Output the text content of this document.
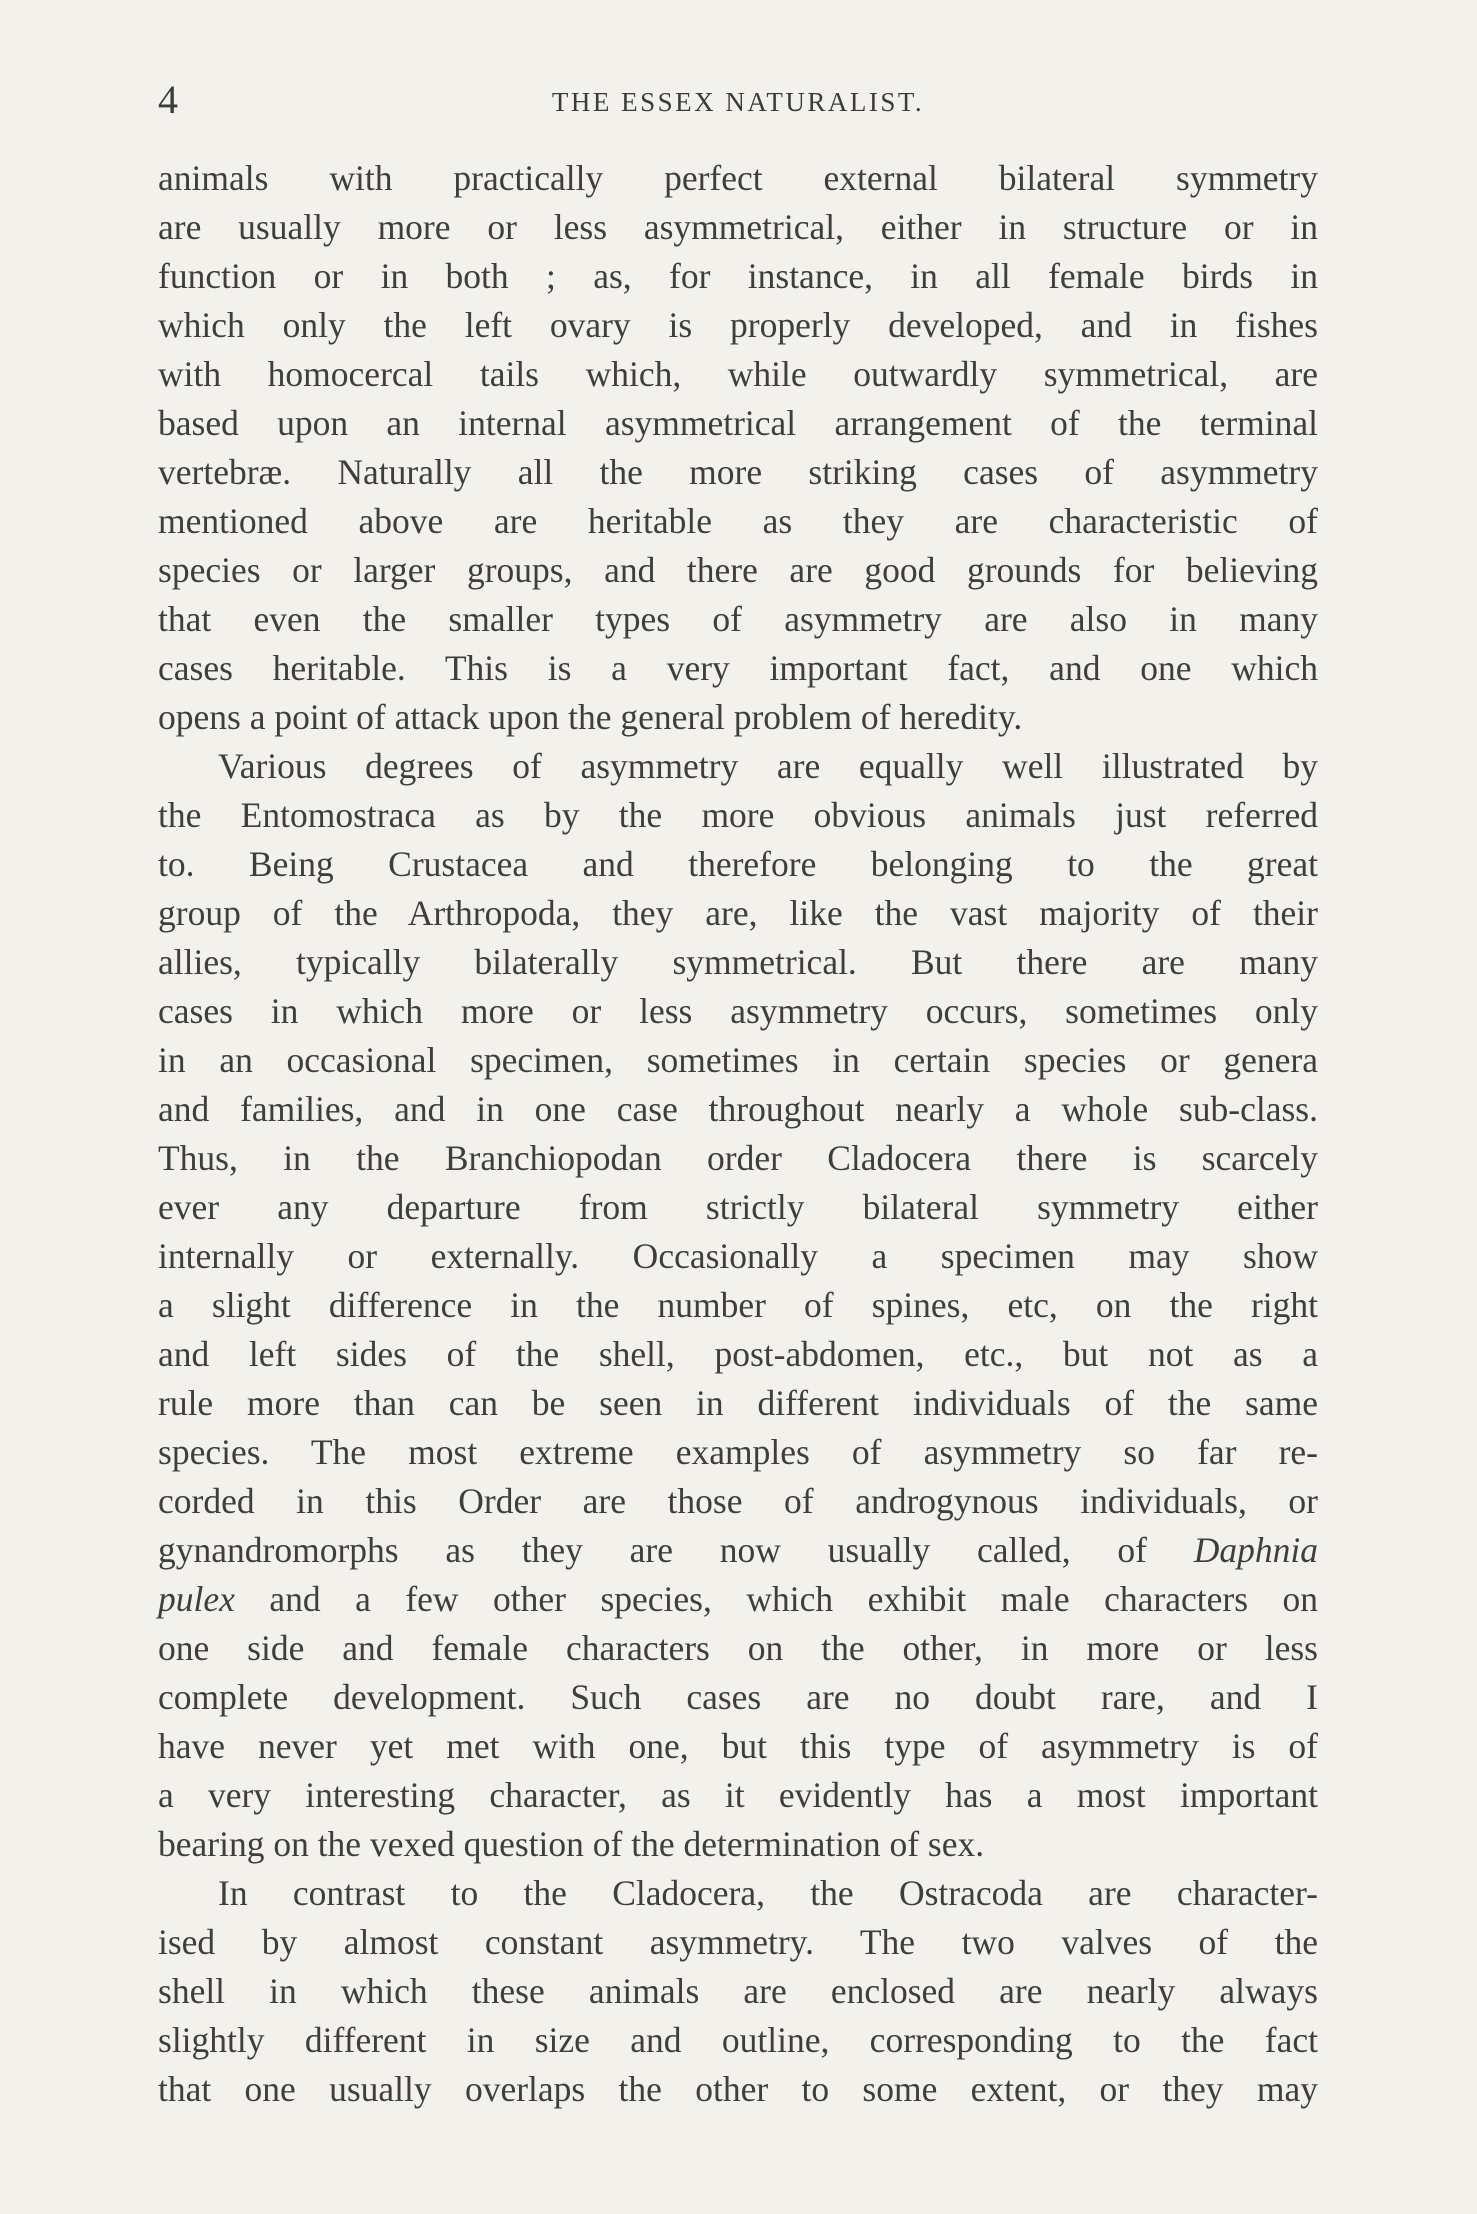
4	THE ESSEX NATURALIST.
animals with practically perfect external bilateral symmetry
are usually more or less asymmetrical, either in structure or in
function or in both ; as, for instance, in all female birds in
which only the left ovary is properly developed, and in fishes
with homocercal tails which, while outwardly symmetrical, are
based upon an internal asymmetrical arrangement of the terminal
vertebræ. Naturally all the more striking cases of asymmetry
mentioned above are heritable as they are characteristic of
species or larger groups, and there are good grounds for believing
that even the smaller types of asymmetry are also in many
cases heritable. This is a very important fact, and one which
opens a point of attack upon the general problem of heredity.
Various degrees of asymmetry are equally well illustrated by
the Entomostraca as by the more obvious animals just referred
to. Being Crustacea and therefore belonging to the great
group of the Arthropoda, they are, like the vast majority of their
allies, typically bilaterally symmetrical. But there are many
cases in which more or less asymmetry occurs, sometimes only
in an occasional specimen, sometimes in certain species or genera
and families, and in one case throughout nearly a whole sub-class.
Thus, in the Branchiopodan order Cladocera there is scarcely
ever any departure from strictly bilateral symmetry either
internally or externally. Occasionally a specimen may show
a slight difference in the number of spines, etc, on the right
and left sides of the shell, post-abdomen, etc., but not as a
rule more than can be seen in different individuals of the same
species. The most extreme examples of asymmetry so far re-
corded in this Order are those of androgynous individuals, or
gynandromorphs as they are now usually called, of Daphnia
pulex and a few other species, which exhibit male characters on
one side and female characters on the other, in more or less
complete development. Such cases are no doubt rare, and I
have never yet met with one, but this type of asymmetry is of
a very interesting character, as it evidently has a most important
bearing on the vexed question of the determination of sex.
In contrast to the Cladocera, the Ostracoda are character-
ised by almost constant asymmetry. The two valves of the
shell in which these animals are enclosed are nearly always
slightly different in size and outline, corresponding to the fact
that one usually overlaps the other to some extent, or they may
